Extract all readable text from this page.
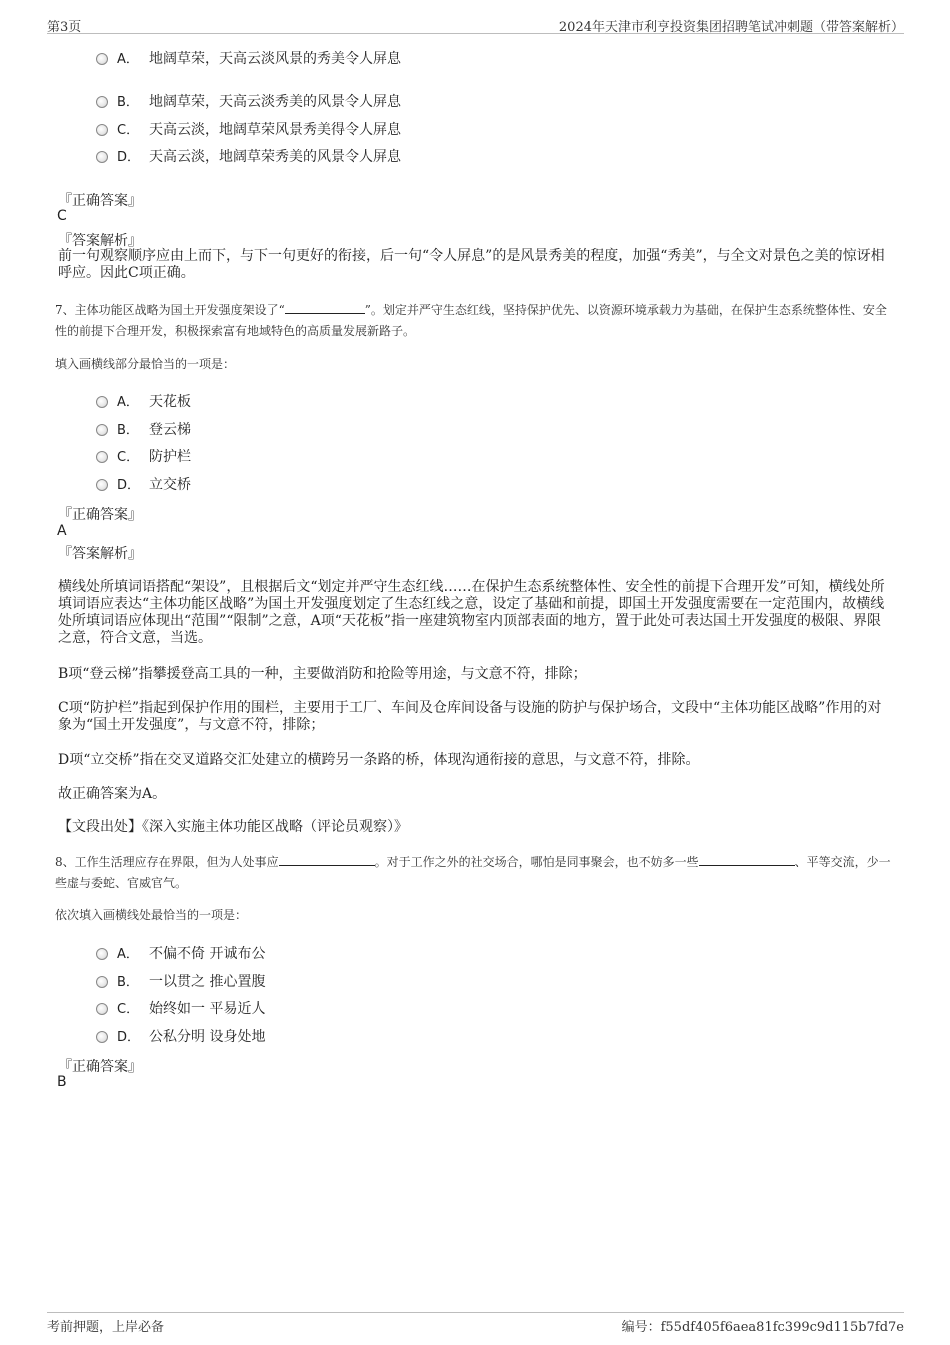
第3页	2024年天津市利亨投资集团招聘笔试冲刺题（带答案解析）
A． 地阔草荣，天高云淡风景的秀美令人屏息
B． 地阔草荣，天高云淡秀美的风景令人屏息
C． 天高云淡，地阔草荣风景秀美得令人屏息
D． 天高云淡，地阔草荣秀美的风景令人屏息
『正确答案』
C
『答案解析』
前一句观察顺序应由上而下，与下一句更好的衔接，后一句“令人屏息”的是风景秀美的程度，加强“秀美”，与全文对景色之美的惊讶相呼应。因此C项正确。
7、主体功能区战略为国土开发强度架设了“	”。划定并严守生态红线，坚持保护优先、以资源环境承载力为基础，在保护生态系统整体性、安全性的前提下合理开发，积极探索富有地域特色的高质量发展新路子。
填入画横线部分最恰当的一项是：
A． 天花板
B． 登云梯
C． 防护栏
D． 立交桥
『正确答案』
A
『答案解析』
横线处所填词语搭配“架设”，且根据后文“划定并严守生态红线……在保护生态系统整体性、安全性的前提下合理开发”可知，横线处所填词语应表达“主体功能区战略”为国土开发强度划定了生态红线之意，设定了基础和前提，即国土开发强度需要在一定范围内，故横线处所填词语应体现出“范围”“限制”之意，A项“天花板”指一座建筑物室内顶部表面的地方，置于此处可表达国土开发强度的极限、界限之意，符合文意，当选。
B项“登云梯”指攀援登高工具的一种，主要做消防和抢险等用途，与文意不符，排除；
C项“防护栏”指起到保护作用的围栏，主要用于工厂、车间及仓库间设备与设施的防护与保护场合，文段中“主体功能区战略”作用的对象为“国土开发强度”，与文意不符，排除；
D项“立交桥”指在交叉道路交汇处建立的横跨另一条路的桥，体现沟通衔接的意思，与文意不符，排除。
故正确答案为A。
【文段出处】《深入实施主体功能区战略（评论员观察）》
8、工作生活理应存在界限，但为人处事应	。对于工作之外的社交场合，哪怕是同事聚会，也不妨多一些	、平等交流，少一些虚与委蛇、官威官气。
依次填入画横线处最恰当的一项是：
A． 不偏不倚 开诚布公
B． 一以贯之 推心置腹
C． 始终如一 平易近人
D． 公私分明 设身处地
『正确答案』
B
考前押题，上岸必备	编号：f55df405f6aea81fc399c9d115b7fd7e
